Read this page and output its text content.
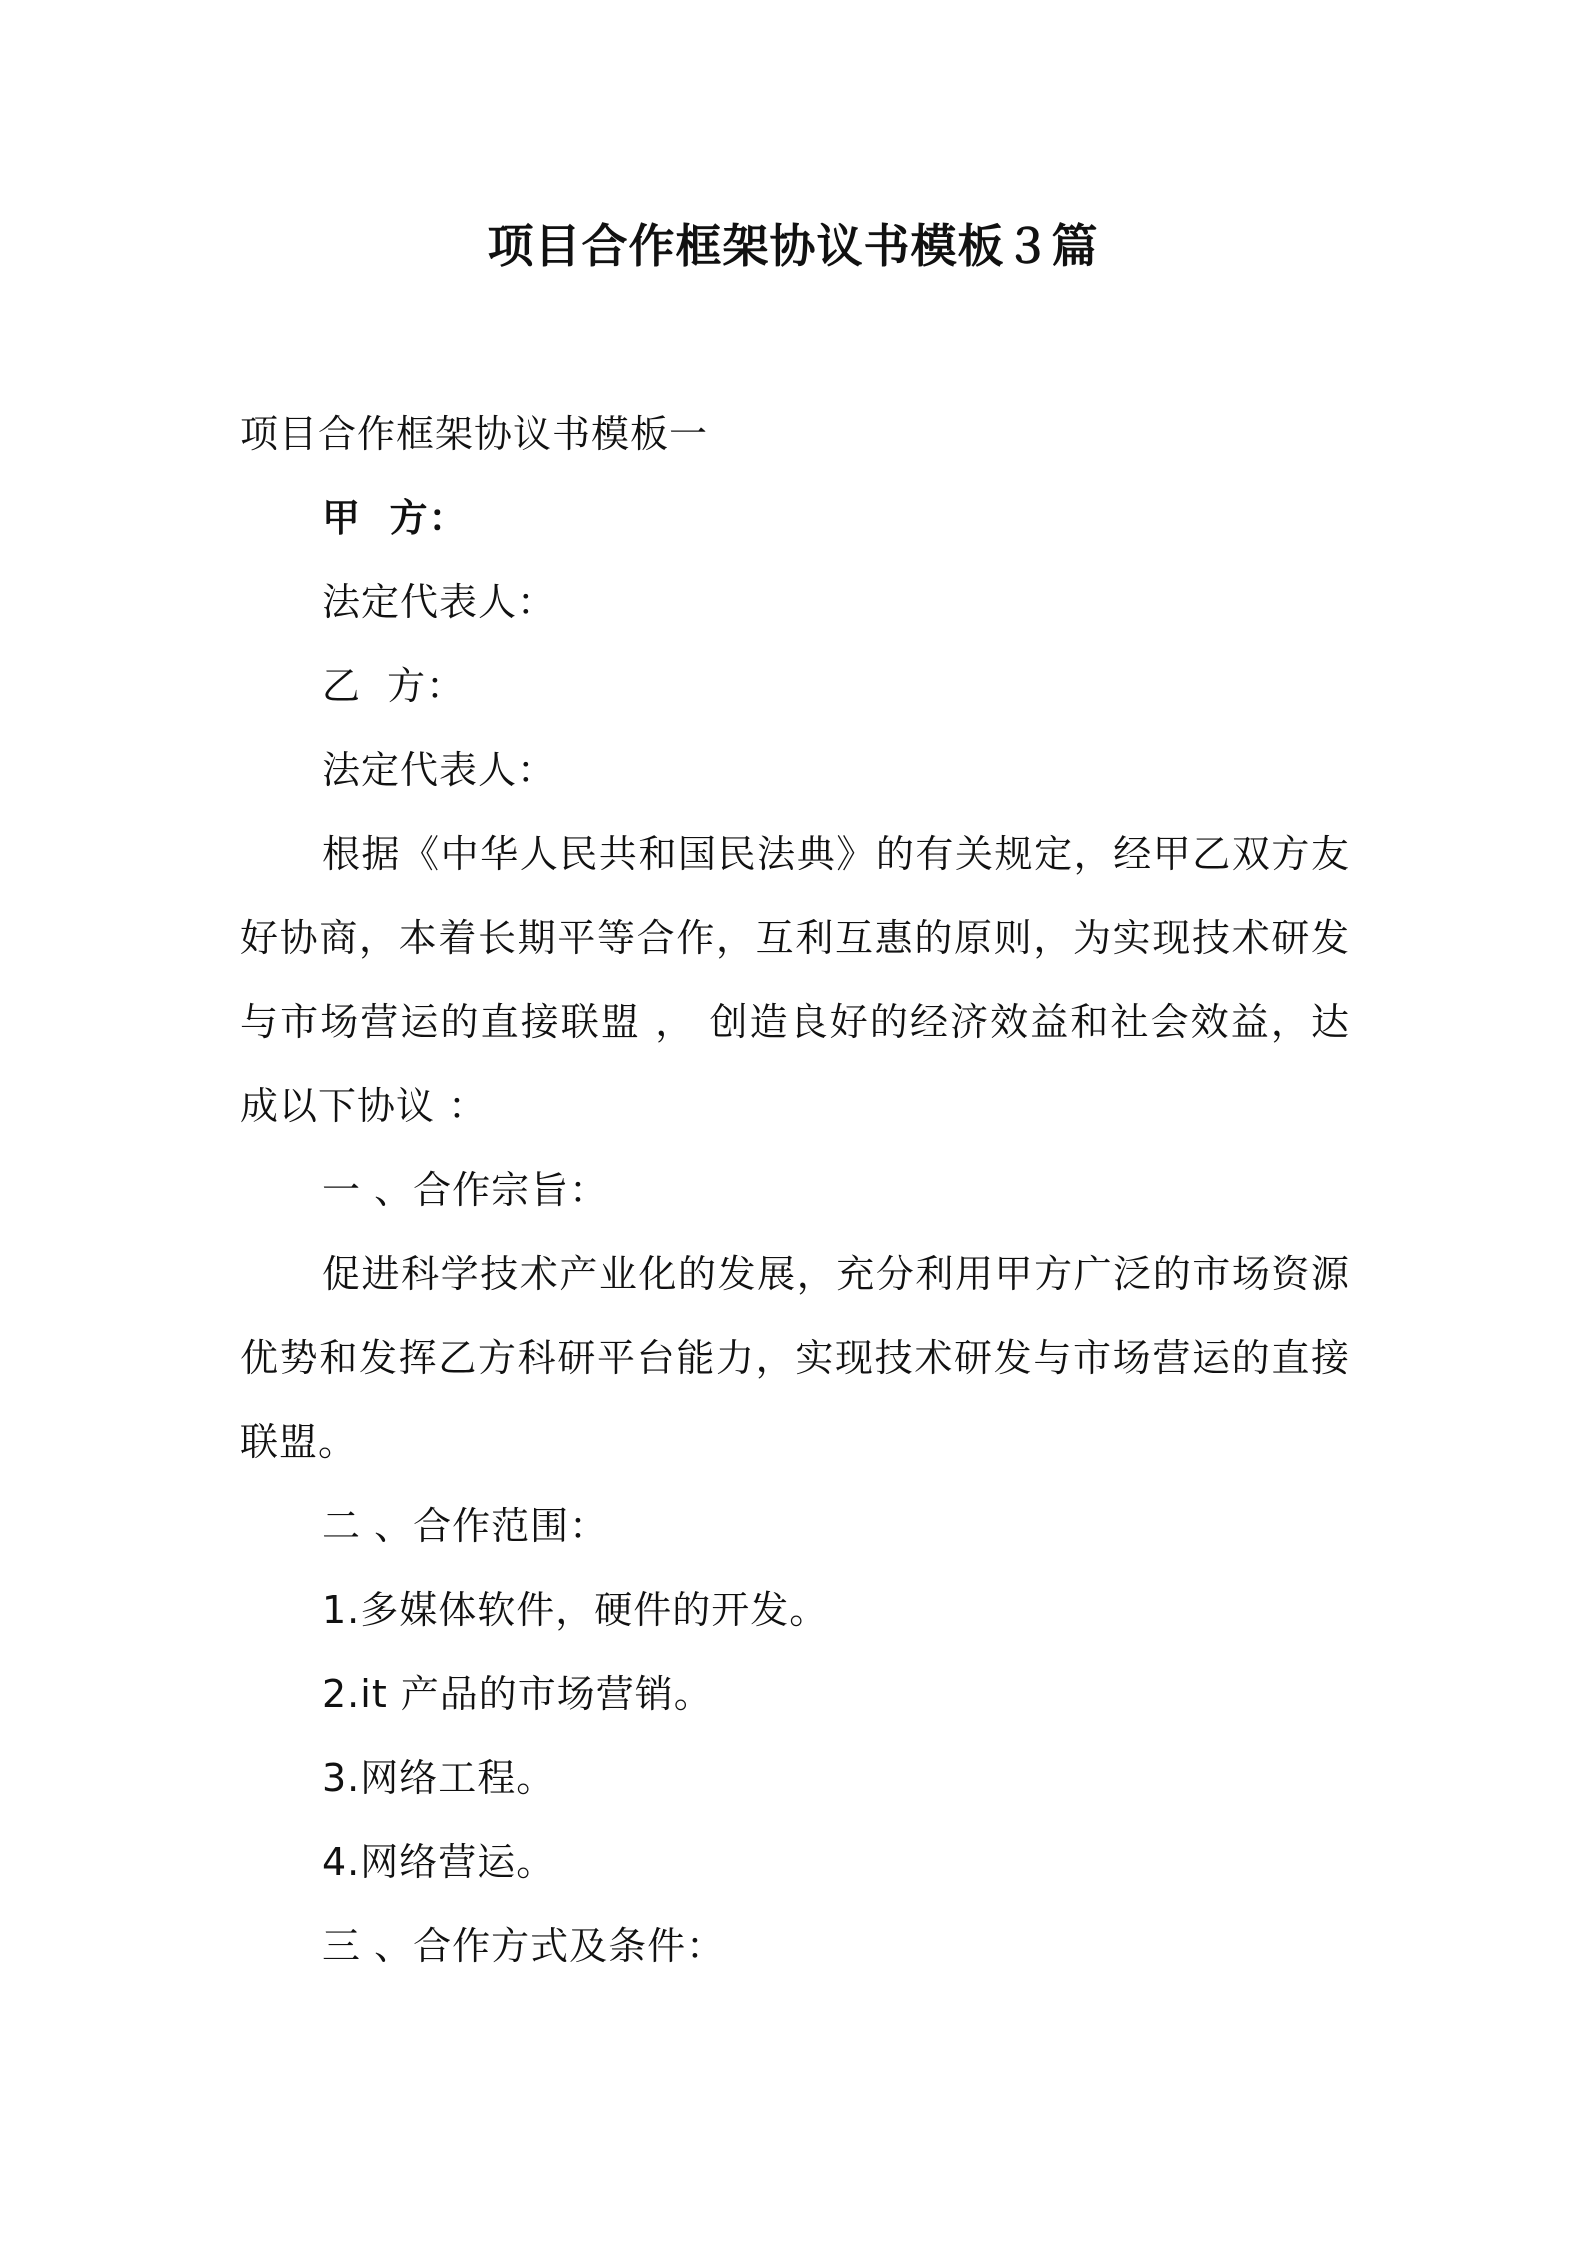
项目合作框架协议书模板３篇

项目合作框架协议书模板一

甲  方：

法定代表人：

乙  方：

法定代表人：

根据《中华人民共和国民法典》的有关规定，经甲乙双方友好协商，本着长期平等合作，互利互惠的原则，为实现技术研发与市场营运的直接联盟 ， 创造良好的经济效益和社会效益，达成以下协议 ：

一 、合作宗旨：

促进科学技术产业化的发展，充分利用甲方广泛的市场资源优势和发挥乙方科研平台能力，实现技术研发与市场营运的直接联盟。

二 、合作范围：

1.多媒体软件，硬件的开发。

2.it 产品的市场营销。

3.网络工程。

4.网络营运。

三 、合作方式及条件：
